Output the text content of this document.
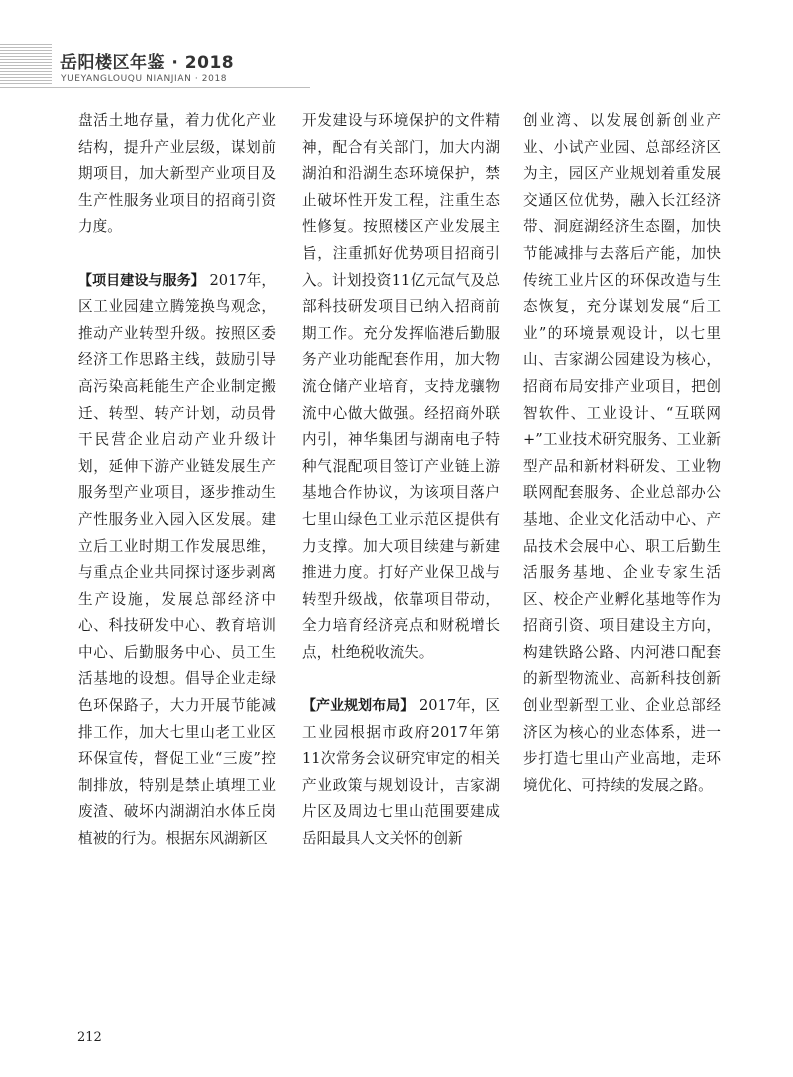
岳阳楼区年鉴 · 2018
YUEYANGLOUQU NIANJIAN · 2018

盘活土地存量，着力优化产业结构，提升产业层级，谋划前期项目，加大新型产业项目及生产性服务业项目的招商引资力度。

【项目建设与服务】 2017年，区工业园建立腾笼换鸟观念，推动产业转型升级。按照区委经济工作思路主线，鼓励引导高污染高耗能生产企业制定搬迁、转型、转产计划，动员骨干民营企业启动产业升级计划，延伸下游产业链发展生产服务型产业项目，逐步推动生产性服务业入园入区发展。建立后工业时期工作发展思维，与重点企业共同探讨逐步剥离生产设施，发展总部经济中心、科技研发中心、教育培训中心、后勤服务中心、员工生活基地的设想。倡导企业走绿色环保路子，大力开展节能减排工作，加大七里山老工业区环保宣传，督促工业“三废”控制排放，特别是禁止填埋工业废渣、破坏内湖湖泊水体丘岗植被的行为。根据东风湖新区

开发建设与环境保护的文件精神，配合有关部门，加大内湖湖泊和沿湖生态环境保护，禁止破坏性开发工程，注重生态性修复。按照楼区产业发展主旨，注重抓好优势项目招商引入。计划投资11亿元氙气及总部科技研发项目已纳入招商前期工作。充分发挥临港后勤服务产业功能配套作用，加大物流仓储产业培育，支持龙骧物流中心做大做强。经招商外联内引，神华集团与湖南电子特种气混配项目签订产业链上游基地合作协议，为该项目落户七里山绿色工业示范区提供有力支撑。加大项目续建与新建推进力度。打好产业保卫战与转型升级战，依靠项目带动，全力培育经济亮点和财税增长点，杜绝税收流失。

【产业规划布局】 2017年，区工业园根据市政府2017年第11次常务会议研究审定的相关产业政策与规划设计，吉家湖片区及周边七里山范围要建成岳阳最具人文关怀的创新

创业湾、以发展创新创业产业、小试产业园、总部经济区为主，园区产业规划着重发展交通区位优势，融入长江经济带、洞庭湖经济生态圈，加快节能减排与去落后产能，加快传统工业片区的环保改造与生态恢复，充分谋划发展“后工业”的环境景观设计，以七里山、吉家湖公园建设为核心，招商布局安排产业项目，把创智软件、工业设计、“互联网+”工业技术研究服务、工业新型产品和新材料研发、工业物联网配套服务、企业总部办公基地、企业文化活动中心、产品技术会展中心、职工后勤生活服务基地、企业专家生活区、校企产业孵化基地等作为招商引资、项目建设主方向，构建铁路公路、内河港口配套的新型物流业、高新科技创新创业型新型工业、企业总部经济区为核心的业态体系，进一步打造七里山产业高地，走环境优化、可持续的发展之路。

212
